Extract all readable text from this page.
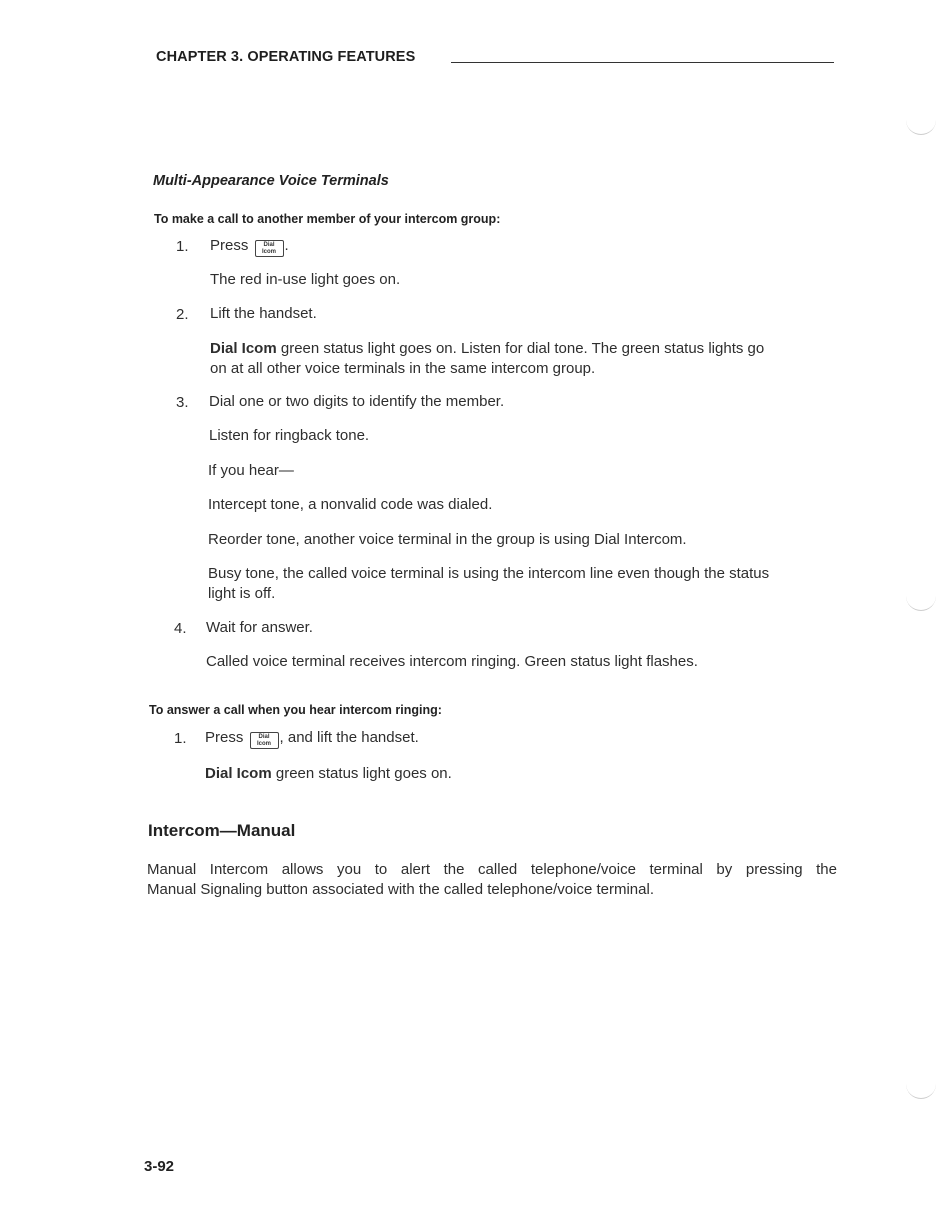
CHAPTER 3. OPERATING FEATURES
Multi-Appearance Voice Terminals
To make a call to another member of your intercom group:
1. Press	Dial
Icom .
The red in-use light goes on.
2. Lift the handset.
Dial Icom green status light goes on. Listen for dial tone. The green status lights go
on at all other voice terminals in the same intercom group.
3. Dial one or two digits to identify the member.
Listen for ringback tone.
If you hear—
Intercept tone, a nonvalid code was dialed.
Reorder tone, another voice terminal in the group is using Dial Intercom.
Busy tone, the called voice terminal is using the intercom line even though the status
light is off.
4. Wait for answer.
Called voice terminal receives intercom ringing. Green status light flashes.
To answer a call when you hear intercom ringing:
1. Press	Dial
Icom , and lift the handset.
Dial Icom green status light goes on.
Intercom—Manual
Manual Intercom allows you to alert the called telephone/voice terminal by pressing the
Manual Signaling button associated with the called telephone/voice terminal.
3-92
